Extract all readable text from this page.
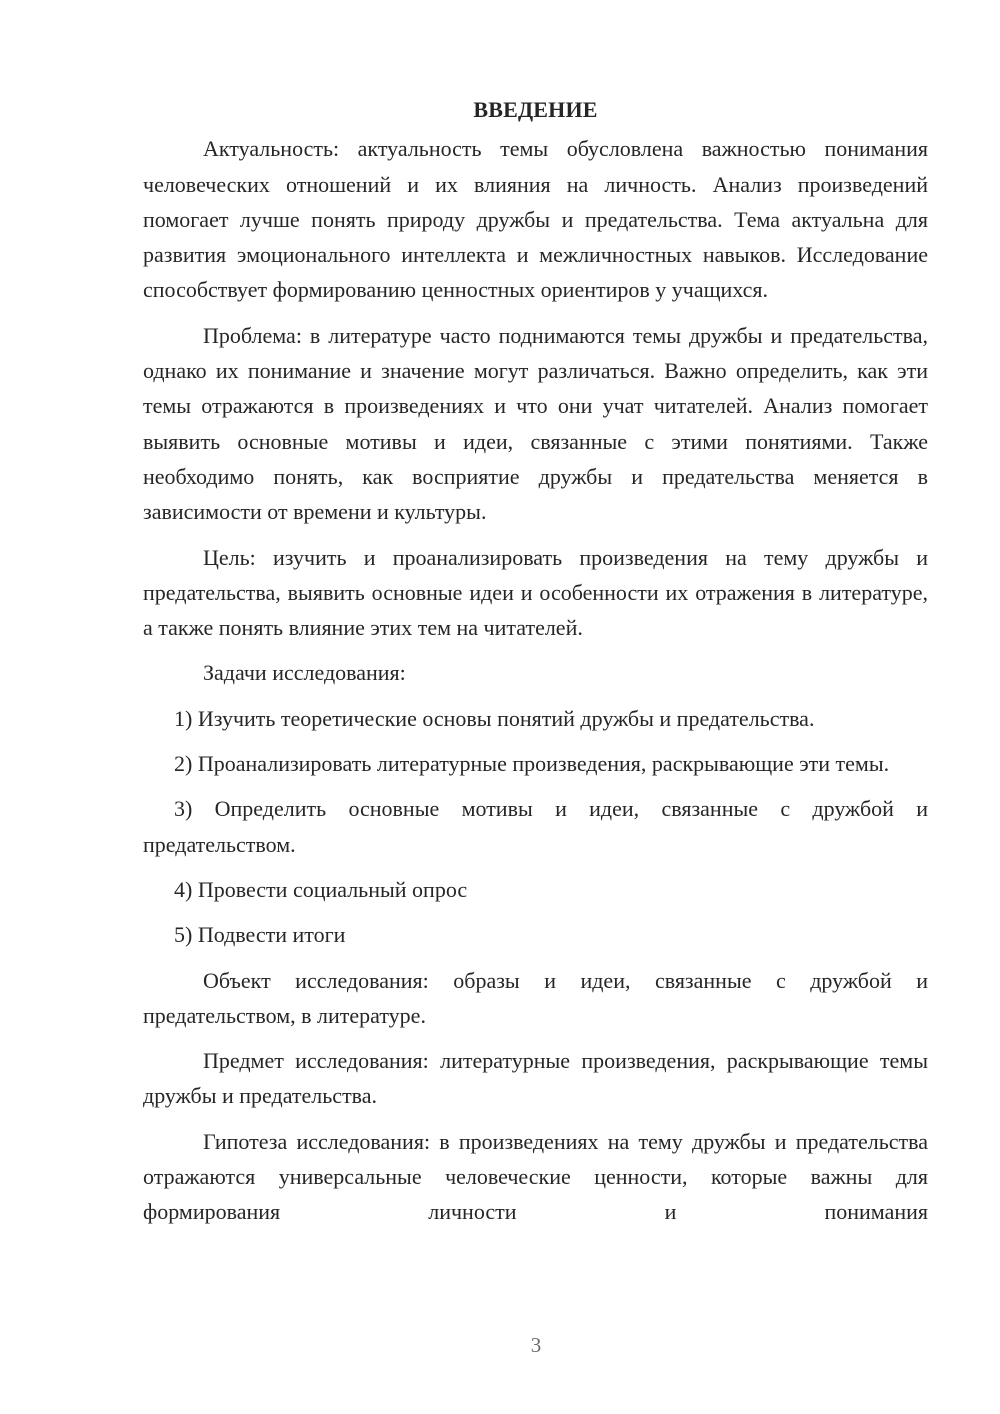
ВВЕДЕНИЕ

Актуальность: актуальность темы обусловлена важностью понимания человеческих отношений и их влияния на личность. Анализ произведений помогает лучше понять природу дружбы и предательства. Тема актуальна для развития эмоционального интеллекта и межличностных навыков. Исследование способствует формированию ценностных ориентиров у учащихся.

Проблема: в литературе часто поднимаются темы дружбы и предательства, однако их понимание и значение могут различаться. Важно определить, как эти темы отражаются в произведениях и что они учат читателей. Анализ помогает выявить основные мотивы и идеи, связанные с этими понятиями. Также необходимо понять, как восприятие дружбы и предательства меняется в зависимости от времени и культуры.

Цель: изучить и проанализировать произведения на тему дружбы и предательства, выявить основные идеи и особенности их отражения в литературе, а также понять влияние этих тем на читателей.

Задачи исследования:

1) Изучить теоретические основы понятий дружбы и предательства.

2) Проанализировать литературные произведения, раскрывающие эти темы.

3) Определить основные мотивы и идеи, связанные с дружбой и предательством.

4) Провести социальный опрос

5) Подвести итоги

Объект исследования: образы и идеи, связанные с дружбой и предательством, в литературе.

Предмет исследования: литературные произведения, раскрывающие темы дружбы и предательства.

Гипотеза исследования: в произведениях на тему дружбы и предательства отражаются универсальные человеческие ценности, которые важны для формирования личности и понимания

3
